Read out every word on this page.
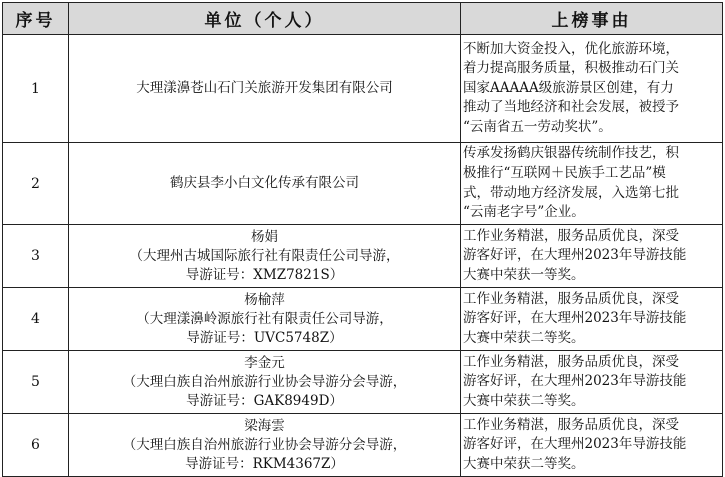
序号	单位（个人）	上榜事由
1	大理漾濞苍山石门关旅游开发集团有限公司	不断加大资金投入，优化旅游环境，
着力提高服务质量，积极推动石门关
国家AAAAA级旅游景区创建，有力
推动了当地经济和社会发展，被授予
“云南省五一劳动奖状”。

2	鹤庆县李小白文化传承有限公司	传承发扬鹤庆银器传统制作技艺，积
极推行“互联网＋民族手工艺品”模
式，带动地方经济发展，入选第七批
“云南老字号”企业。

3	杨娟
（大理州古城国际旅行社有限责任公司导游，
导游证号：XMZ7821S）	工作业务精湛，服务品质优良，深受
游客好评，在大理州2023年导游技能
大赛中荣获一等奖。

4	杨榆萍
（大理漾濞岭源旅行社有限责任公司导游，
导游证号：UVC5748Z）	工作业务精湛，服务品质优良，深受
游客好评，在大理州2023年导游技能
大赛中荣获二等奖。

5	李金元
（大理白族自治州旅游行业协会导游分会导游，
导游证号：GAK8949D）	工作业务精湛，服务品质优良，深受
游客好评，在大理州2023年导游技能
大赛中荣获二等奖。

6	梁海雲
（大理白族自治州旅游行业协会导游分会导游，
导游证号：RKM4367Z）	工作业务精湛，服务品质优良，深受
游客好评，在大理州2023年导游技能
大赛中荣获二等奖。
